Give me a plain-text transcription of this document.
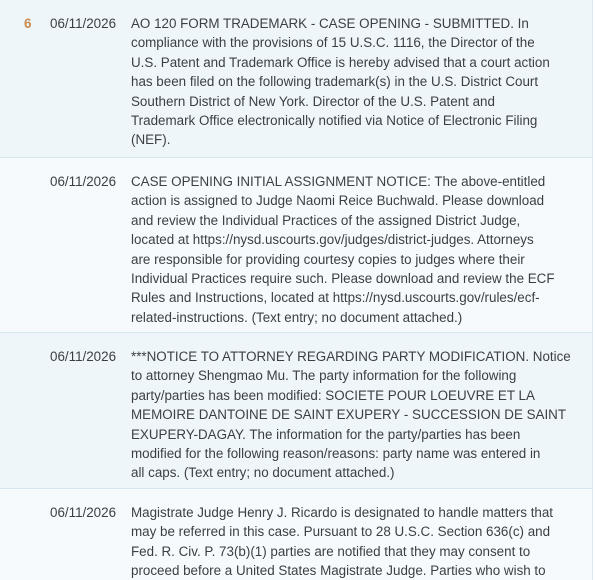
6 06/11/2026 AO 120 FORM TRADEMARK - CASE OPENING - SUBMITTED. In
compliance with the provisions of 15 U.S.C. 1116, the Director of the
U.S. Patent and Trademark Office is hereby advised that a court action
has been filed on the following trademark(s) in the U.S. District Court
Southern District of New York. Director of the U.S. Patent and
Trademark Office electronically notified via Notice of Electronic Filing
(NEF).
06/11/2026 CASE OPENING INITIAL ASSIGNMENT NOTICE: The above-entitled
action is assigned to Judge Naomi Reice Buchwald. Please download
and review the Individual Practices of the assigned District Judge,
located at https://nysd.uscourts.gov/judges/district-judges. Attorneys
are responsible for providing courtesy copies to judges where their
Individual Practices require such. Please download and review the ECF
Rules and Instructions, located at https://nysd.uscourts.gov/rules/ecf-
related-instructions. (Text entry; no document attached.)
06/11/2026 ***NOTICE TO ATTORNEY REGARDING PARTY MODIFICATION. Notice
to attorney Shengmao Mu. The party information for the following
party/parties has been modified: SOCIETE POUR LOEUVRE ET LA
MEMOIRE DANTOINE DE SAINT EXUPERY - SUCCESSION DE SAINT
EXUPERY-DAGAY. The information for the party/parties has been
modified for the following reason/reasons: party name was entered in
all caps. (Text entry; no document attached.)
06/11/2026 Magistrate Judge Henry J. Ricardo is designated to handle matters that
may be referred in this case. Pursuant to 28 U.S.C. Section 636(c) and
Fed. R. Civ. P. 73(b)(1) parties are notified that they may consent to
proceed before a United States Magistrate Judge. Parties who wish to
